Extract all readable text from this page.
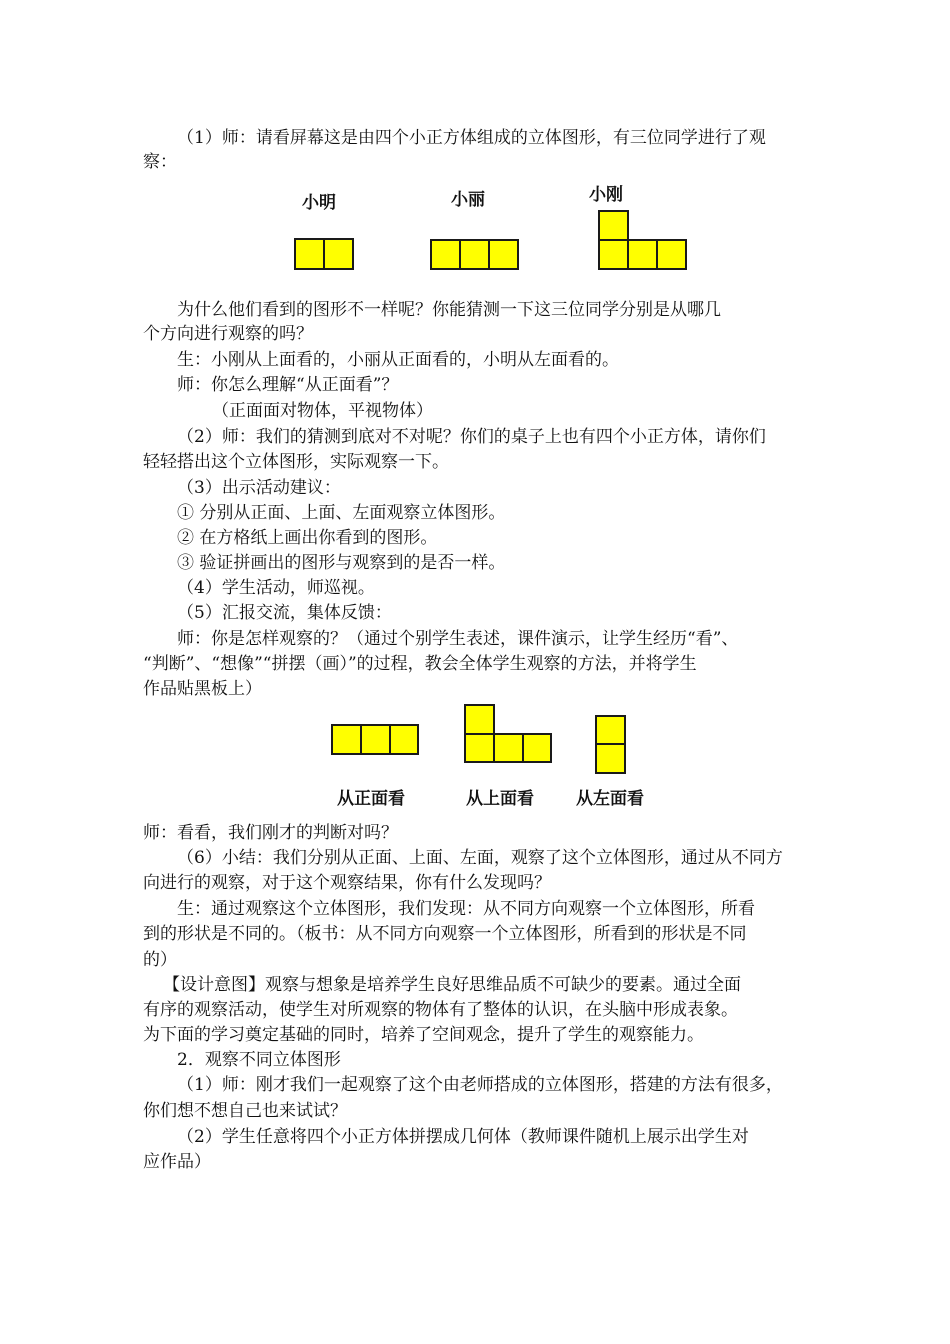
（1）师：请看屏幕这是由四个小正方体组成的立体图形，有三位同学进行了观
察：
小明	小丽	小刚
为什么他们看到的图形不一样呢？你能猜测一下这三位同学分别是从哪几
个方向进行观察的吗？
生：小刚从上面看的，小丽从正面看的，小明从左面看的。
师：你怎么理解“从正面看”？
（正面面对物体，平视物体）
（2）师：我们的猜测到底对不对呢？你们的桌子上也有四个小正方体，请你们
轻轻搭出这个立体图形，实际观察一下。
（3）出示活动建议：
① 分别从正面、上面、左面观察立体图形。
② 在方格纸上画出你看到的图形。
③ 验证拼画出的图形与观察到的是否一样。
（4）学生活动，师巡视。
（5）汇报交流，集体反馈：
师：你是怎样观察的？（通过个别学生表述，课件演示，让学生经历“看”、
“判断”、“想像”“拼摆（画）”的过程，教会全体学生观察的方法，并将学生
作品贴黑板上）
从正面看	从上面看 从左面看
师：看看，我们刚才的判断对吗？
（6）小结：我们分别从正面、上面、左面，观察了这个立体图形，通过从不同方
向进行的观察，对于这个观察结果，你有什么发现吗？
生：通过观察这个立体图形，我们发现：从不同方向观察一个立体图形，所看
到的形状是不同的。（板书：从不同方向观察一个立体图形，所看到的形状是不同
的）
【设计意图】观察与想象是培养学生良好思维品质不可缺少的要素。通过全面
有序的观察活动，使学生对所观察的物体有了整体的认识，在头脑中形成表象。
为下面的学习奠定基础的同时，培养了空间观念，提升了学生的观察能力。
2．观察不同立体图形
（1）师：刚才我们一起观察了这个由老师搭成的立体图形，搭建的方法有很多，
你们想不想自己也来试试？
（2）学生任意将四个小正方体拼摆成几何体（教师课件随机上展示出学生对
应作品）
